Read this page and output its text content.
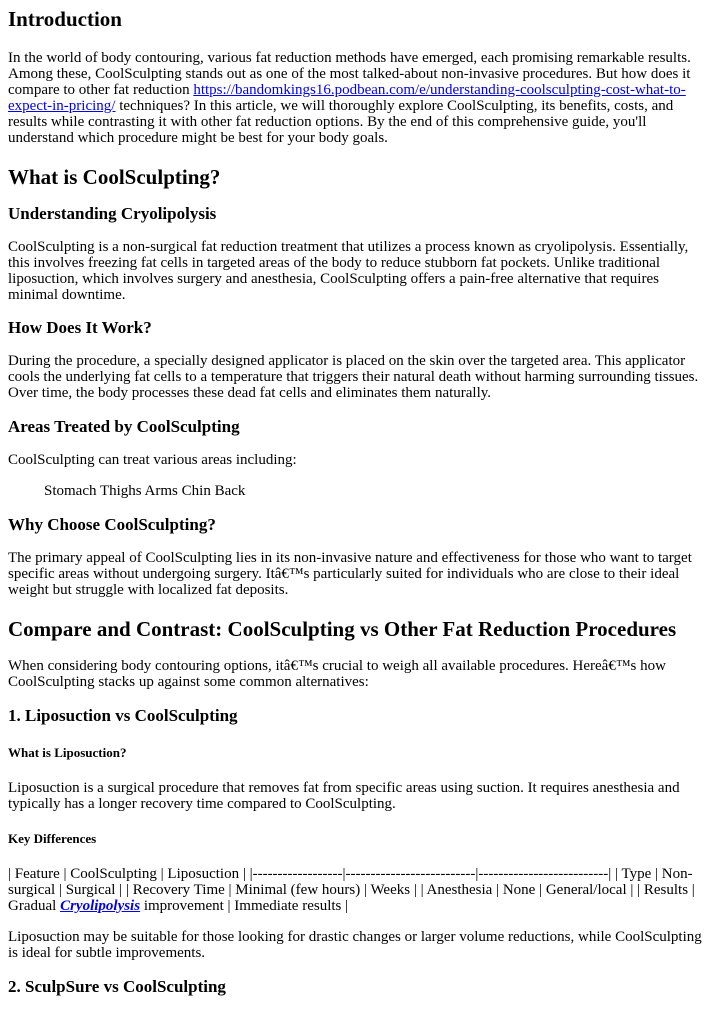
Introduction

In the world of body contouring, various fat reduction methods have emerged, each promising remarkable results. Among these, CoolSculpting stands out as one of the most talked-about non-invasive procedures. But how does it compare to other fat reduction https://bandomkings16.podbean.com/e/understanding-coolsculpting-cost-what-to-expect-in-pricing/ techniques? In this article, we will thoroughly explore CoolSculpting, its benefits, costs, and results while contrasting it with other fat reduction options. By the end of this comprehensive guide, you'll understand which procedure might be best for your body goals.

What is CoolSculpting?
Understanding Cryolipolysis

CoolSculpting is a non-surgical fat reduction treatment that utilizes a process known as cryolipolysis. Essentially, this involves freezing fat cells in targeted areas of the body to reduce stubborn fat pockets. Unlike traditional liposuction, which involves surgery and anesthesia, CoolSculpting offers a pain-free alternative that requires minimal downtime.

How Does It Work?

During the procedure, a specially designed applicator is placed on the skin over the targeted area. This applicator cools the underlying fat cells to a temperature that triggers their natural death without harming surrounding tissues. Over time, the body processes these dead fat cells and eliminates them naturally.

Areas Treated by CoolSculpting

CoolSculpting can treat various areas including:

Stomach Thighs Arms Chin Back

Why Choose CoolSculpting?

The primary appeal of CoolSculpting lies in its non-invasive nature and effectiveness for those who want to target specific areas without undergoing surgery. Itâ€™s particularly suited for individuals who are close to their ideal weight but struggle with localized fat deposits.

Compare and Contrast: CoolSculpting vs Other Fat Reduction Procedures

When considering body contouring options, itâ€™s crucial to weigh all available procedures. Hereâ€™s how CoolSculpting stacks up against some common alternatives:

1. Liposuction vs CoolSculpting
What is Liposuction?

Liposuction is a surgical procedure that removes fat from specific areas using suction. It requires anesthesia and typically has a longer recovery time compared to CoolSculpting.

Key Differences

| Feature | CoolSculpting | Liposuction | |------------------|--------------------------|--------------------------| | Type | Non-surgical | Surgical | | Recovery Time | Minimal (few hours) | Weeks | | Anesthesia | None | General/local | | Results | Gradual Cryolipolysis improvement | Immediate results |

Liposuction may be suitable for those looking for drastic changes or larger volume reductions, while CoolSculpting is ideal for subtle improvements.

2. SculpSure vs CoolSculpting
